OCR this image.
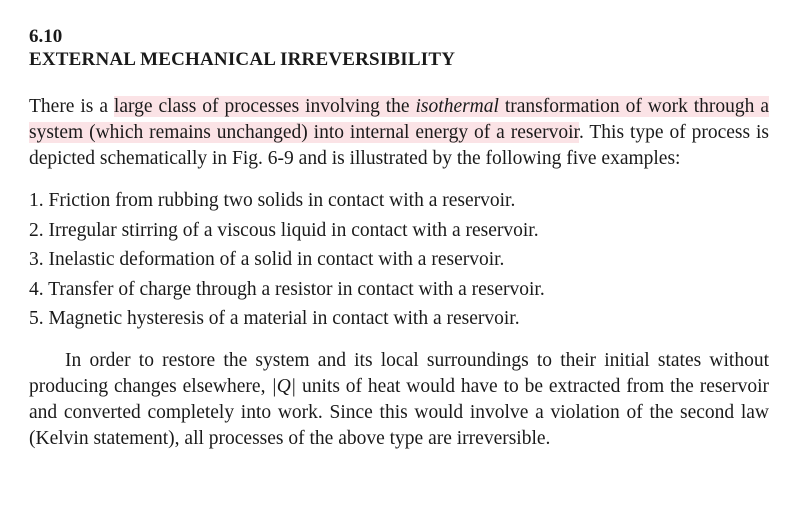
6.10
EXTERNAL MECHANICAL IRREVERSIBILITY

There is a large class of processes involving the isothermal transformation of work through a system (which remains unchanged) into internal energy of a reservoir. This type of process is depicted schematically in Fig. 6-9 and is illustrated by the following five examples:

1. Friction from rubbing two solids in contact with a reservoir.
2. Irregular stirring of a viscous liquid in contact with a reservoir.
3. Inelastic deformation of a solid in contact with a reservoir.
4. Transfer of charge through a resistor in contact with a reservoir.
5. Magnetic hysteresis of a material in contact with a reservoir.

In order to restore the system and its local surroundings to their initial states without producing changes elsewhere, |Q| units of heat would have to be extracted from the reservoir and converted completely into work. Since this would involve a violation of the second law (Kelvin statement), all processes of the above type are irreversible.
